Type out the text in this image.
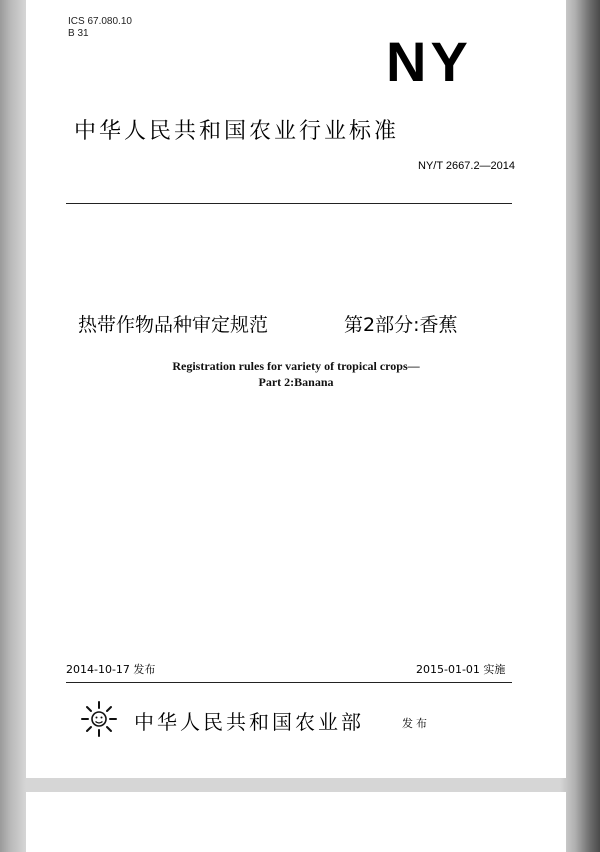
ICS 67.080.10
B 31	NY
中华人民共和国农业行业标准
NY/T 2667.2—2014
热带作物品种审定规范	第2部分:香蕉
Registration rules for variety of tropical crops—
Part 2:Banana
2014-10-17 发布	2015-01-01 实施
中华人民共和国农业部	发布
